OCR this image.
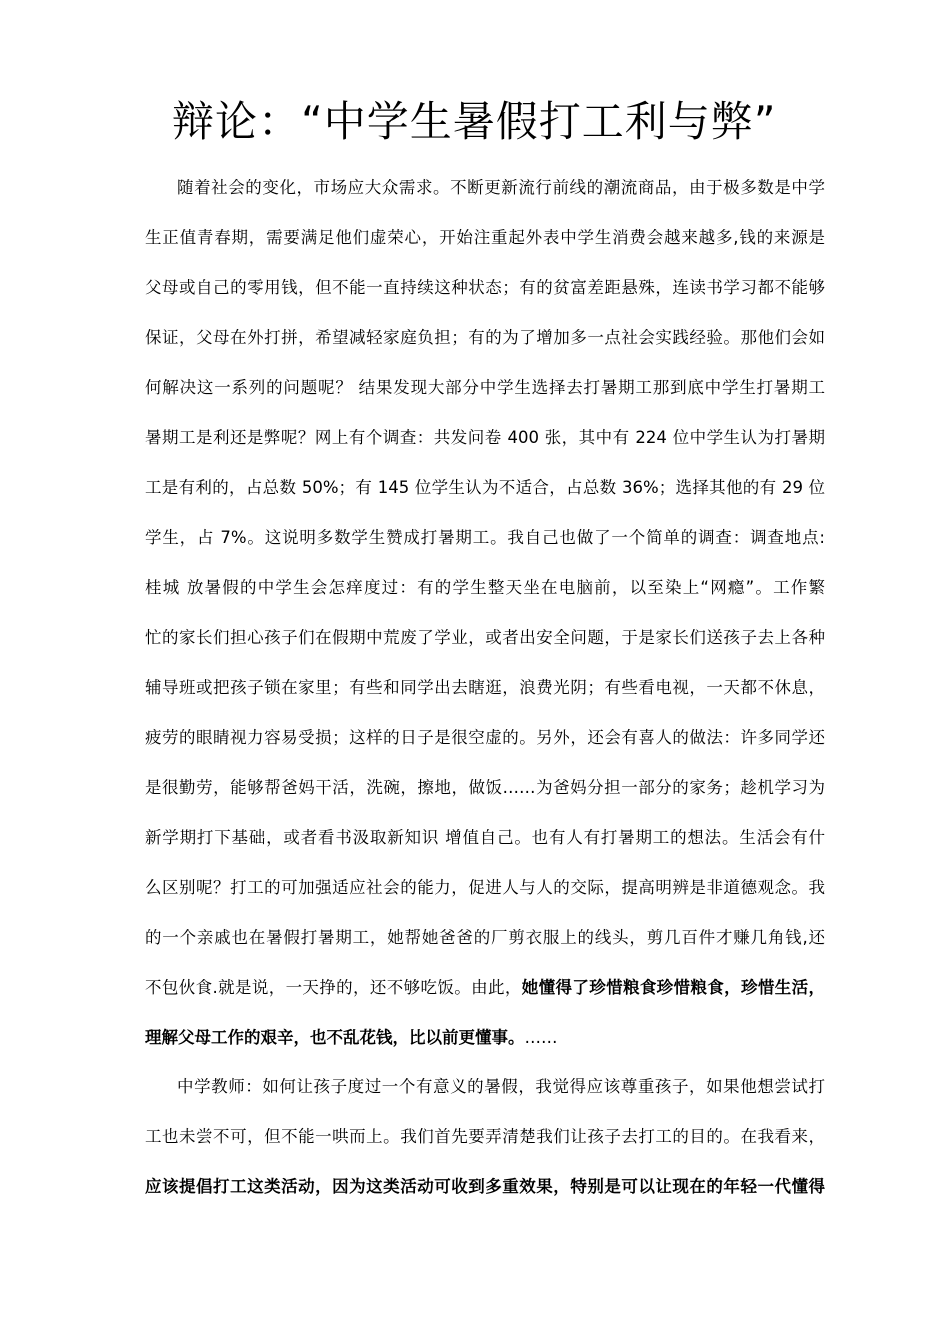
辩论：“中学生暑假打工利与弊”
随着社会的变化，市场应大众需求。不断更新流行前线的潮流商品，由于极多数是中学
生正值青春期，需要满足他们虚荣心，开始注重起外表中学生消费会越来越多,钱的来源是
父母或自己的零用钱，但不能一直持续这种状态；有的贫富差距悬殊，连读书学习都不能够
保证，父母在外打拼，希望减轻家庭负担；有的为了增加多一点社会实践经验。那他们会如
何解决这一系列的问题呢？ 结果发现大部分中学生选择去打暑期工那到底中学生打暑期工
暑期工是利还是弊呢？网上有个调查：共发问卷 400 张，其中有 224 位中学生认为打暑期
工是有利的，占总数 50%；有 145 位学生认为不适合，占总数 36%；选择其他的有 29 位
学生，占 7%。这说明多数学生赞成打暑期工。我自己也做了一个简单的调查：调查地点:
桂城 放暑假的中学生会怎痒度过：有的学生整天坐在电脑前，以至染上“网瘾”。工作繁
忙的家长们担心孩子们在假期中荒废了学业，或者出安全问题，于是家长们送孩子去上各种
辅导班或把孩子锁在家里；有些和同学出去瞎逛，浪费光阴；有些看电视，一天都不休息，
疲劳的眼睛视力容易受损；这样的日子是很空虚的。另外，还会有喜人的做法：许多同学还
是很勤劳，能够帮爸妈干活，洗碗，擦地，做饭……为爸妈分担一部分的家务；趁机学习为
新学期打下基础，或者看书汲取新知识 增值自己。也有人有打暑期工的想法。生活会有什
么区别呢？打工的可加强适应社会的能力，促进人与人的交际，提高明辨是非道德观念。我
的一个亲戚也在暑假打暑期工，她帮她爸爸的厂剪衣服上的线头，剪几百件才赚几角钱,还
不包伙食.就是说，一天挣的，还不够吃饭。由此，她懂得了珍惜粮食珍惜粮食，珍惜生活，
理解父母工作的艰辛，也不乱花钱，比以前更懂事。……
中学教师：如何让孩子度过一个有意义的暑假，我觉得应该尊重孩子，如果他想尝试打
工也未尝不可，但不能一哄而上。我们首先要弄清楚我们让孩子去打工的目的。在我看来，
应该提倡打工这类活动，因为这类活动可收到多重效果，特别是可以让现在的年轻一代懂得
